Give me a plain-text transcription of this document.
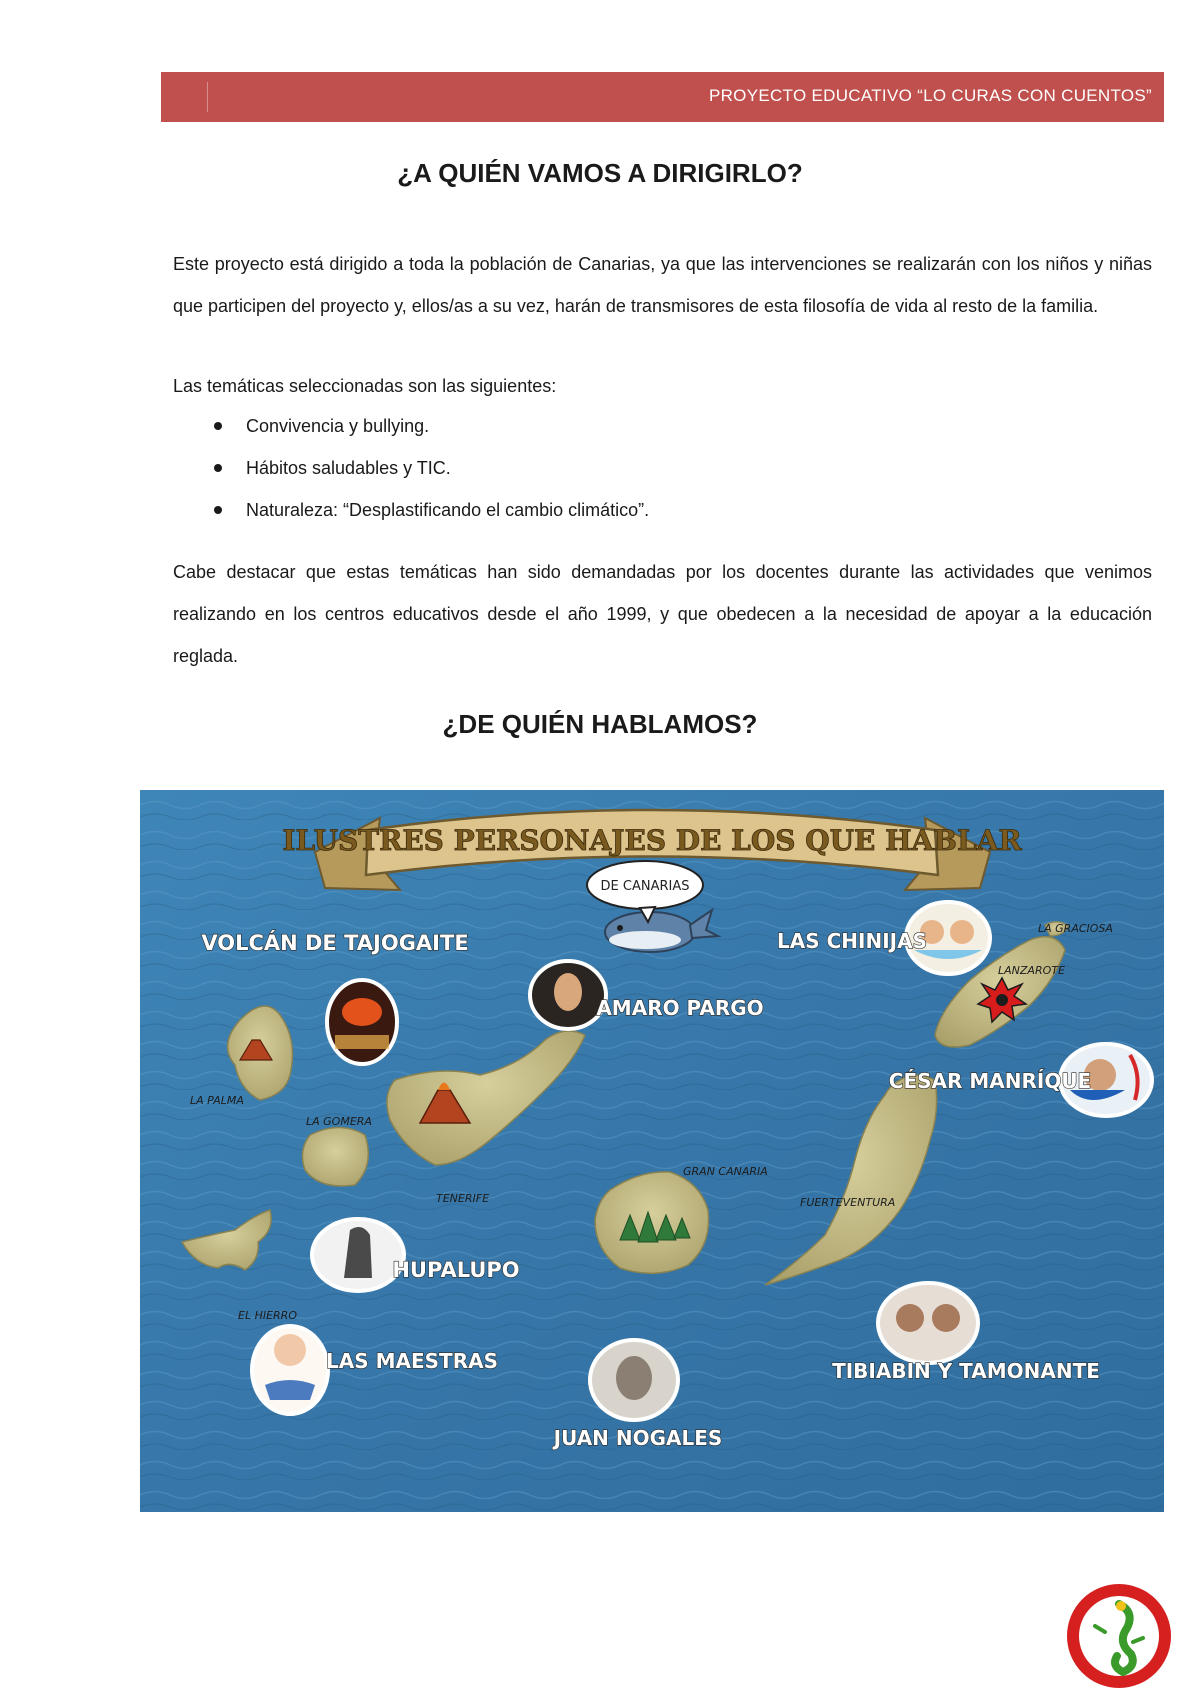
PROYECTO EDUCATIVO “LO CURAS CON CUENTOS”
¿A QUIÉN VAMOS A DIRIGIRLO?

Este proyecto está dirigido a toda la población de Canarias, ya que las intervenciones se realizarán con los niños y niñas que participen del proyecto y, ellos/as a su vez, harán de transmisores de esta filosofía de vida al resto de la familia.

Las temáticas seleccionadas son las siguientes:

Convivencia y bullying.
Hábitos saludables y TIC.
Naturaleza: “Desplastificando el cambio climático”.

Cabe destacar que estas temáticas han sido demandadas por los docentes durante las actividades que venimos realizando en los centros educativos desde el año 1999, y que obedecen a la necesidad de apoyar a la educación reglada.

¿DE QUIÉN HABLAMOS?
ILUSTRES PERSONAJES DE LOS QUE HABLAR
DE CANARIAS
VOLCÁN DE TAJOGAITE
AMARO PARGO
LAS CHINIJAS
CÉSAR MANRÍQUE
HUPALUPO
LAS MAESTRAS
JUAN NOGALES
TIBIABIN Y TAMONANTE
LA PALMA
LA GOMERA
TENERIFE
GRAN CANARIA
FUERTEVENTURA
LANZAROTE
LA GRACIOSA
EL HIERRO
